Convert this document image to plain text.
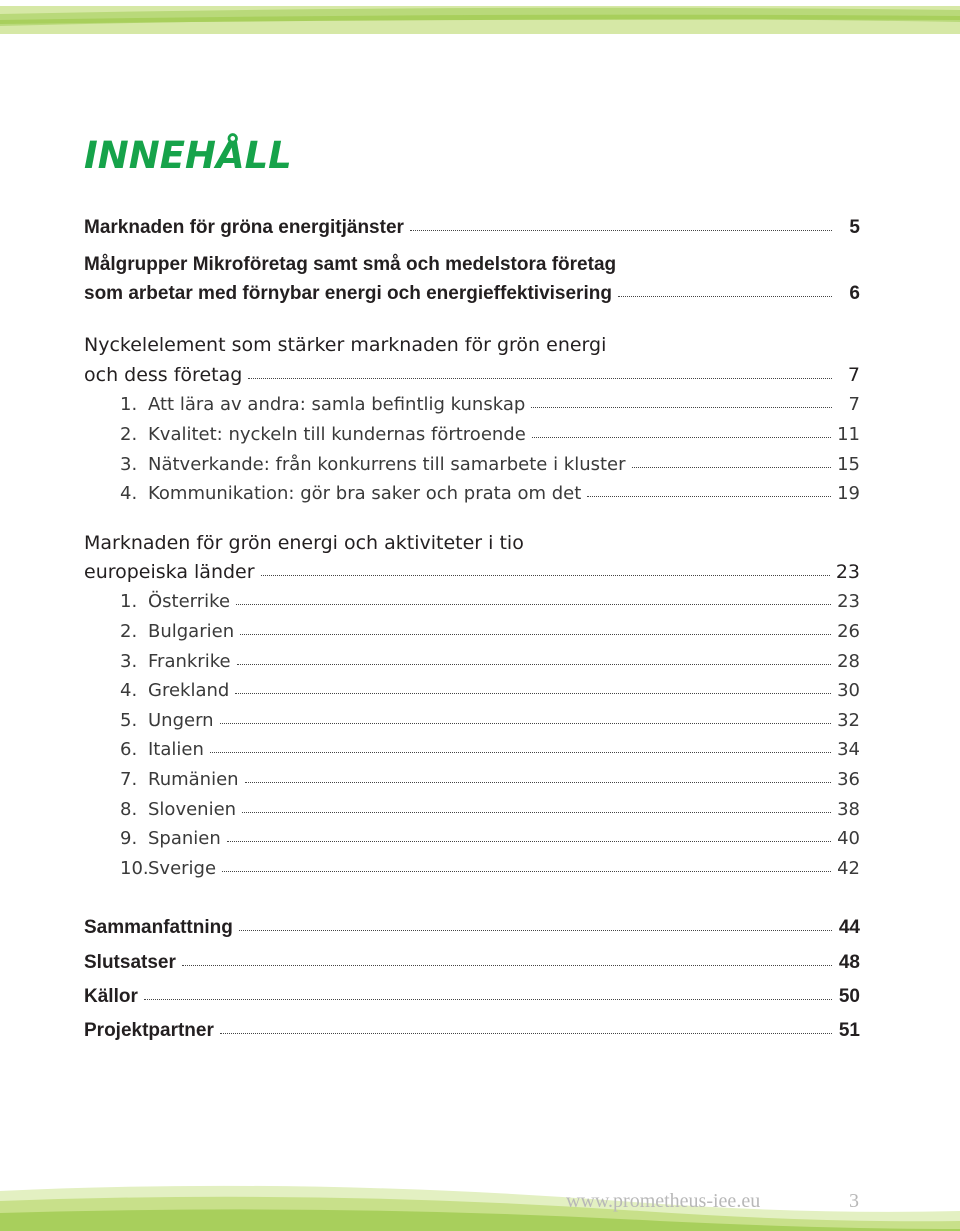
INNEHÅLL
Marknaden för gröna energitjänster	5
Målgrupper Mikroföretag samt små och medelstora företag
som arbetar med förnybar energi och energieffektivisering	6
Nyckelelement som stärker marknaden för grön energi
och dess företag	7
1. Att lära av andra: samla befintlig kunskap	7
2. Kvalitet: nyckeln till kundernas förtroende	11
3. Nätverkande: från konkurrens till samarbete i kluster	15
4. Kommunikation: gör bra saker och prata om det	19
Marknaden för grön energi och aktiviteter i tio
europeiska länder	23
1. Österrike	23
2. Bulgarien	26
3. Frankrike	28
4. Grekland	30
5. Ungern	32
6. Italien	34
7. Rumänien	36
8. Slovenien	38
9. Spanien	40
10. Sverige	42
Sammanfattning	44
Slutsatser	48
Källor	50
Projektpartner	51
www.prometheus-iee.eu	3
